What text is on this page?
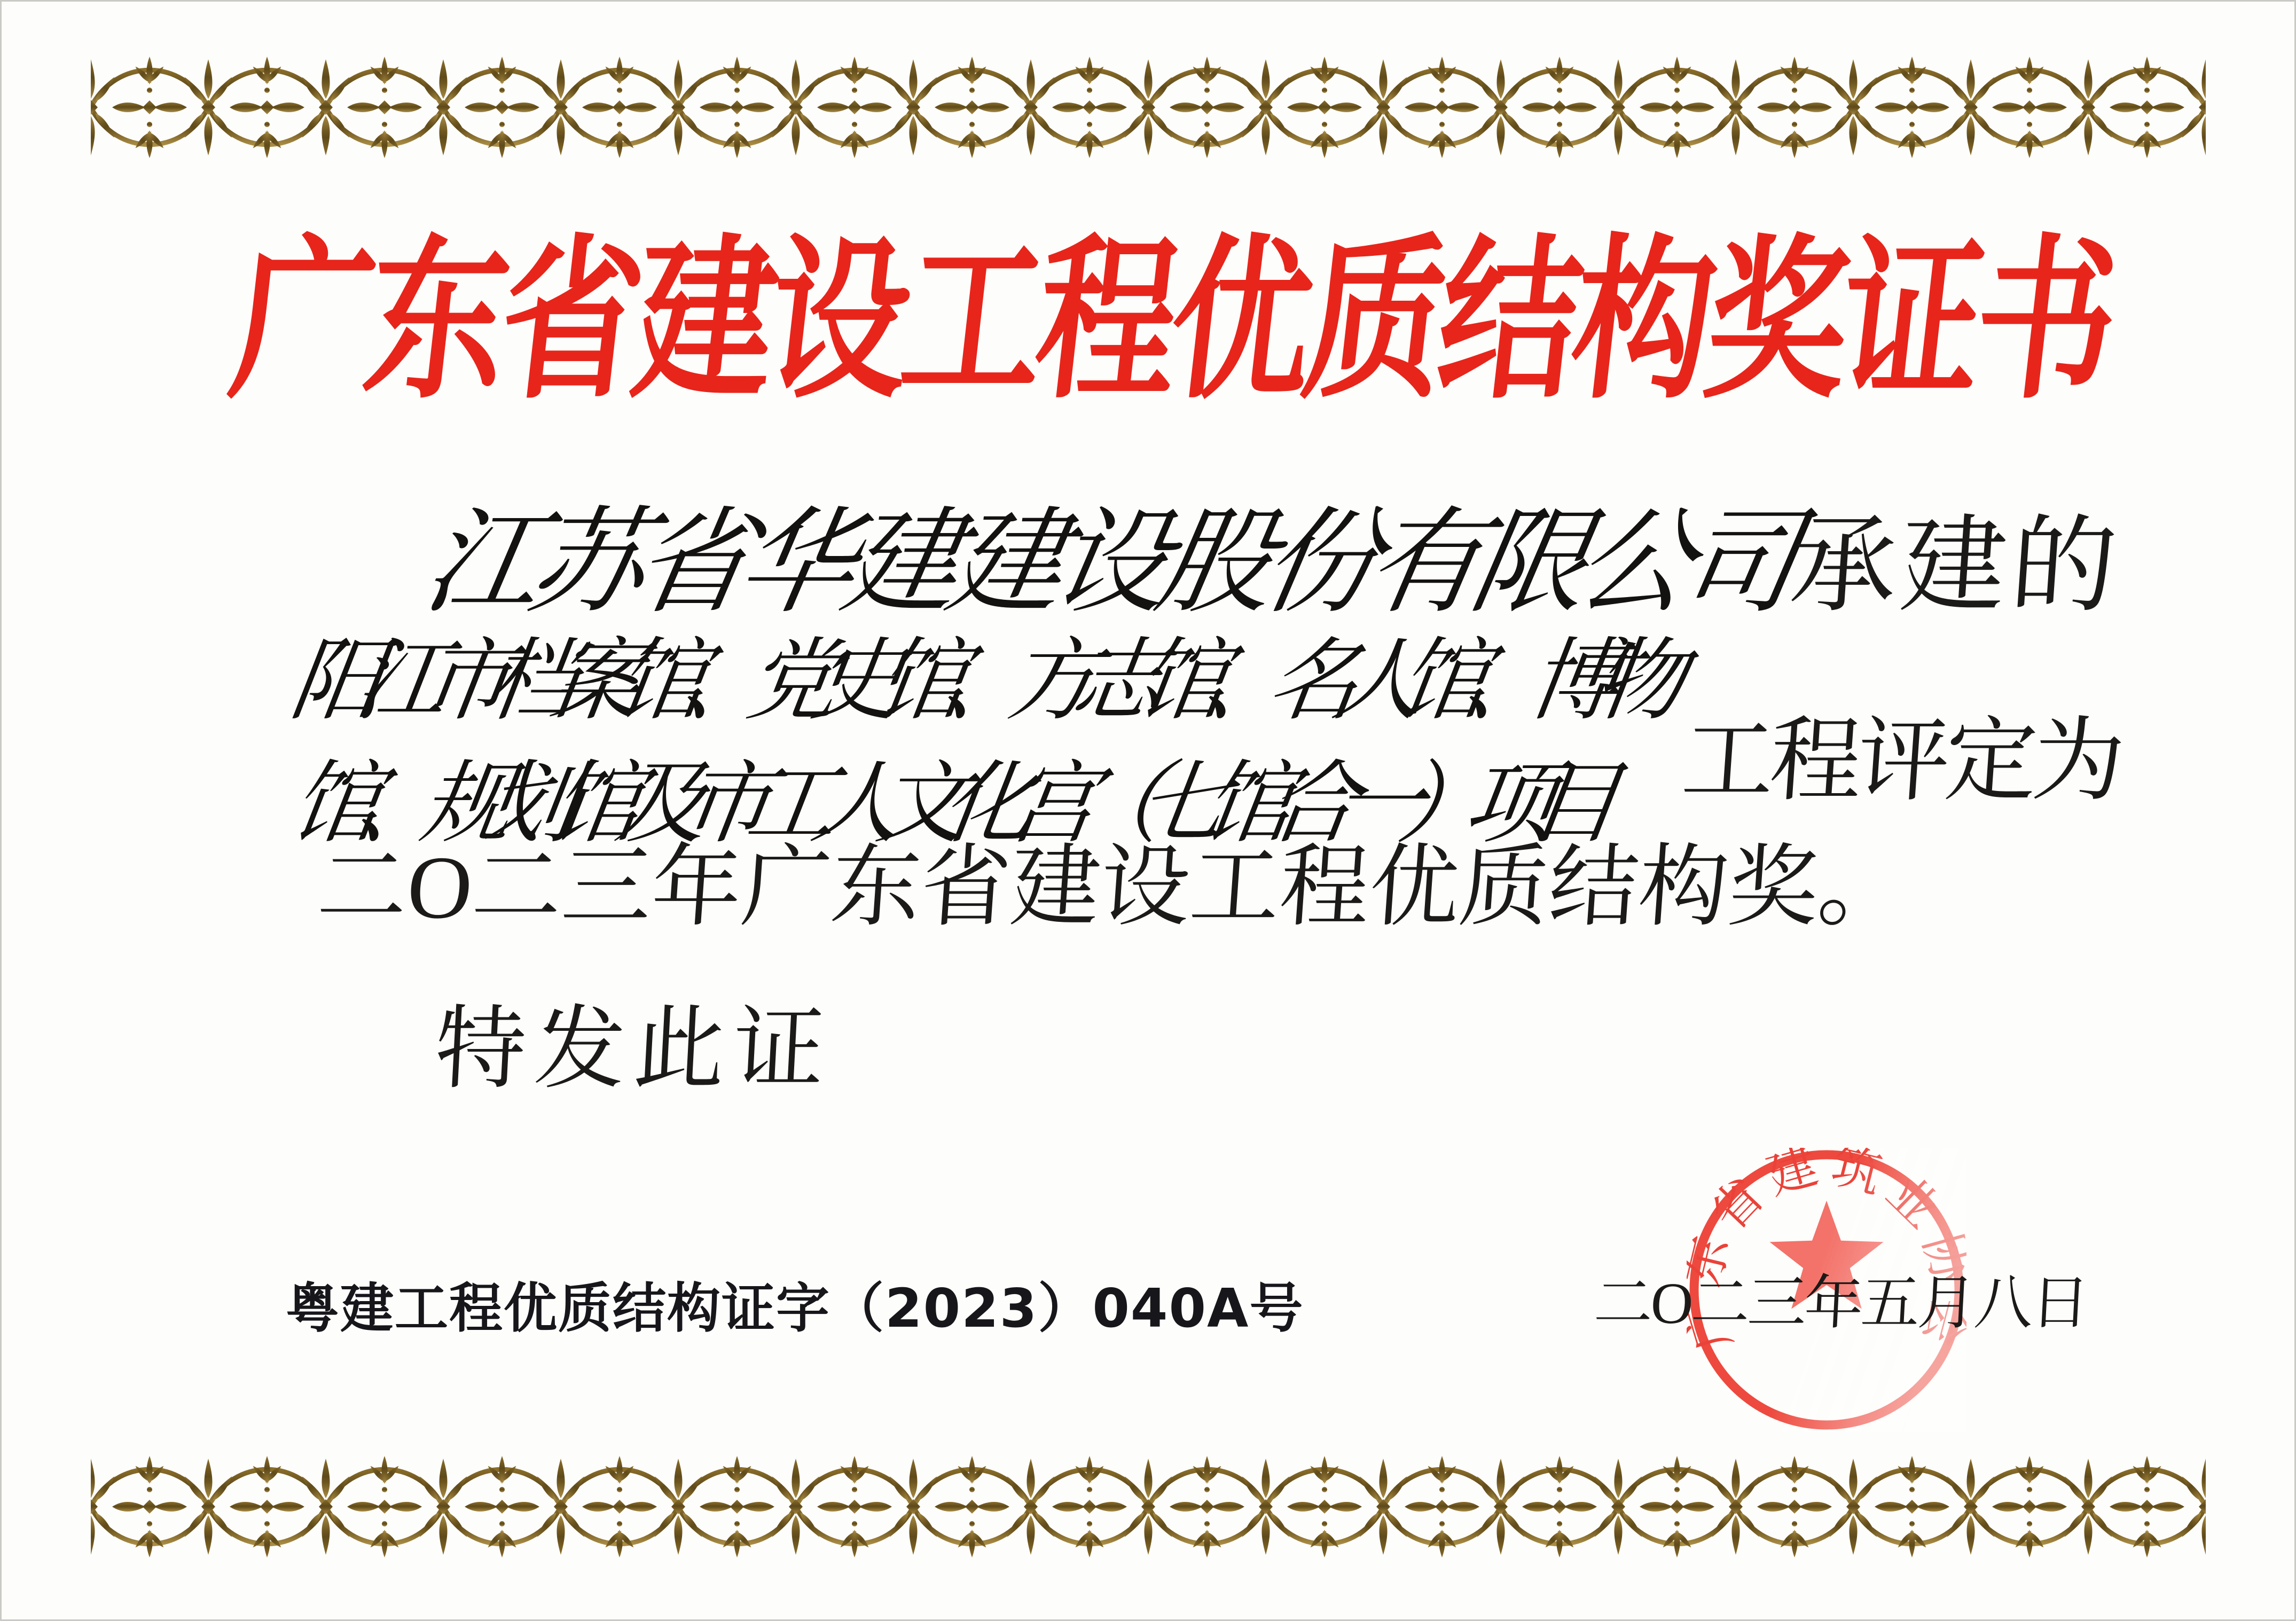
广东省建设工程优质结构奖证书
江苏省华建建设股份有限公司承建的
阳江市档案馆、党史馆、方志馆、名人馆、博物
馆、规划馆及市工人文化宫（七馆合一）项目 工程评定为
二O二三年广东省建设工程优质结构奖。
特发此证
粤建工程优质结构证字（2023）040A号	二O二三年五月八日
